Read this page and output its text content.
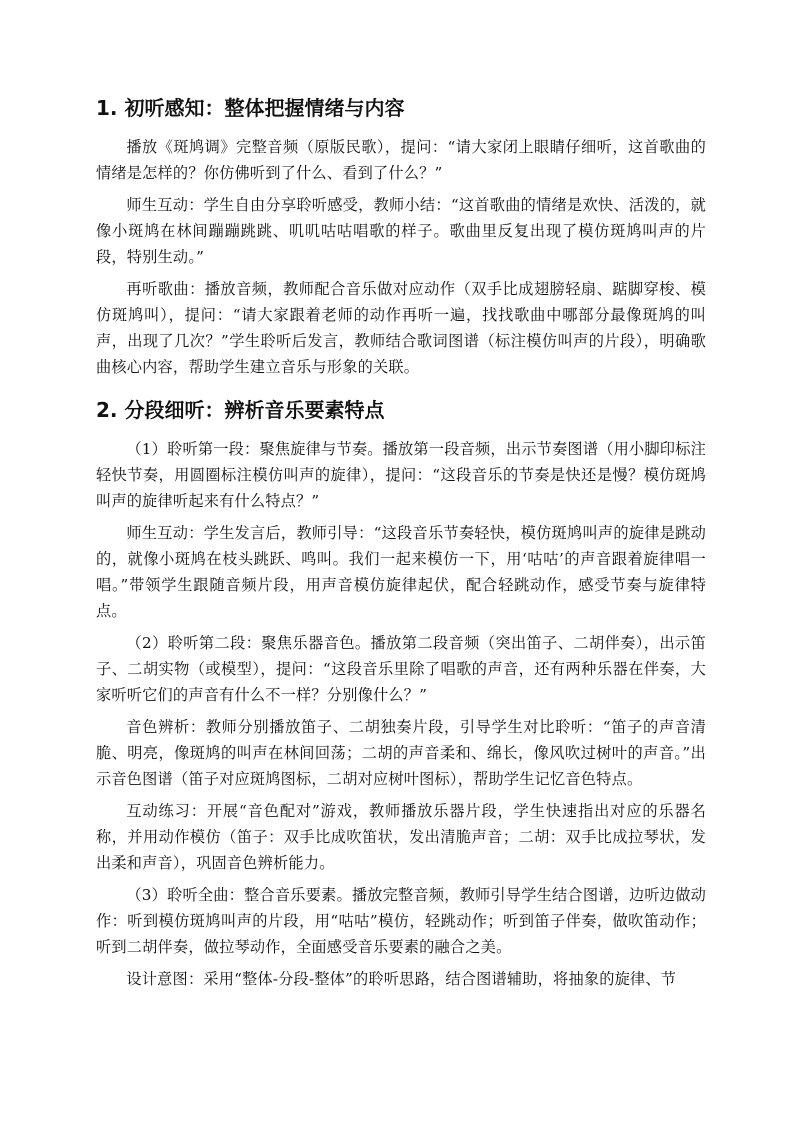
1. 初听感知：整体把握情绪与内容

播放《斑鸠调》完整音频（原版民歌），提问：“请大家闭上眼睛仔细听，这首歌曲的情绪是怎样的？你仿佛听到了什么、看到了什么？”

师生互动：学生自由分享聆听感受，教师小结：“这首歌曲的情绪是欢快、活泼的，就像小斑鸠在林间蹦蹦跳跳、叽叽咕咕唱歌的样子。歌曲里反复出现了模仿斑鸠叫声的片段，特别生动。”

再听歌曲：播放音频，教师配合音乐做对应动作（双手比成翅膀轻扇、踮脚穿梭、模仿斑鸠叫），提问：“请大家跟着老师的动作再听一遍，找找歌曲中哪部分最像斑鸠的叫声，出现了几次？”学生聆听后发言，教师结合歌词图谱（标注模仿叫声的片段），明确歌曲核心内容，帮助学生建立音乐与形象的关联。

2. 分段细听：辨析音乐要素特点

（1）聆听第一段：聚焦旋律与节奏。播放第一段音频，出示节奏图谱（用小脚印标注轻快节奏，用圆圈标注模仿叫声的旋律），提问：“这段音乐的节奏是快还是慢？模仿斑鸠叫声的旋律听起来有什么特点？”

师生互动：学生发言后，教师引导：“这段音乐节奏轻快，模仿斑鸠叫声的旋律是跳动的，就像小斑鸠在枝头跳跃、鸣叫。我们一起来模仿一下，用‘咕咕’的声音跟着旋律唱一唱。”带领学生跟随音频片段，用声音模仿旋律起伏，配合轻跳动作，感受节奏与旋律特点。

（2）聆听第二段：聚焦乐器音色。播放第二段音频（突出笛子、二胡伴奏），出示笛子、二胡实物（或模型），提问：“这段音乐里除了唱歌的声音，还有两种乐器在伴奏，大家听听它们的声音有什么不一样？分别像什么？”

音色辨析：教师分别播放笛子、二胡独奏片段，引导学生对比聆听：“笛子的声音清脆、明亮，像斑鸠的叫声在林间回荡；二胡的声音柔和、绵长，像风吹过树叶的声音。”出示音色图谱（笛子对应斑鸠图标，二胡对应树叶图标），帮助学生记忆音色特点。

互动练习：开展“音色配对”游戏，教师播放乐器片段，学生快速指出对应的乐器名称，并用动作模仿（笛子：双手比成吹笛状，发出清脆声音；二胡：双手比成拉琴状，发出柔和声音），巩固音色辨析能力。

（3）聆听全曲：整合音乐要素。播放完整音频，教师引导学生结合图谱，边听边做动作：听到模仿斑鸠叫声的片段，用“咕咕”模仿，轻跳动作；听到笛子伴奏，做吹笛动作；听到二胡伴奏，做拉琴动作，全面感受音乐要素的融合之美。

设计意图：采用“整体-分段-整体”的聆听思路，结合图谱辅助，将抽象的旋律、节
